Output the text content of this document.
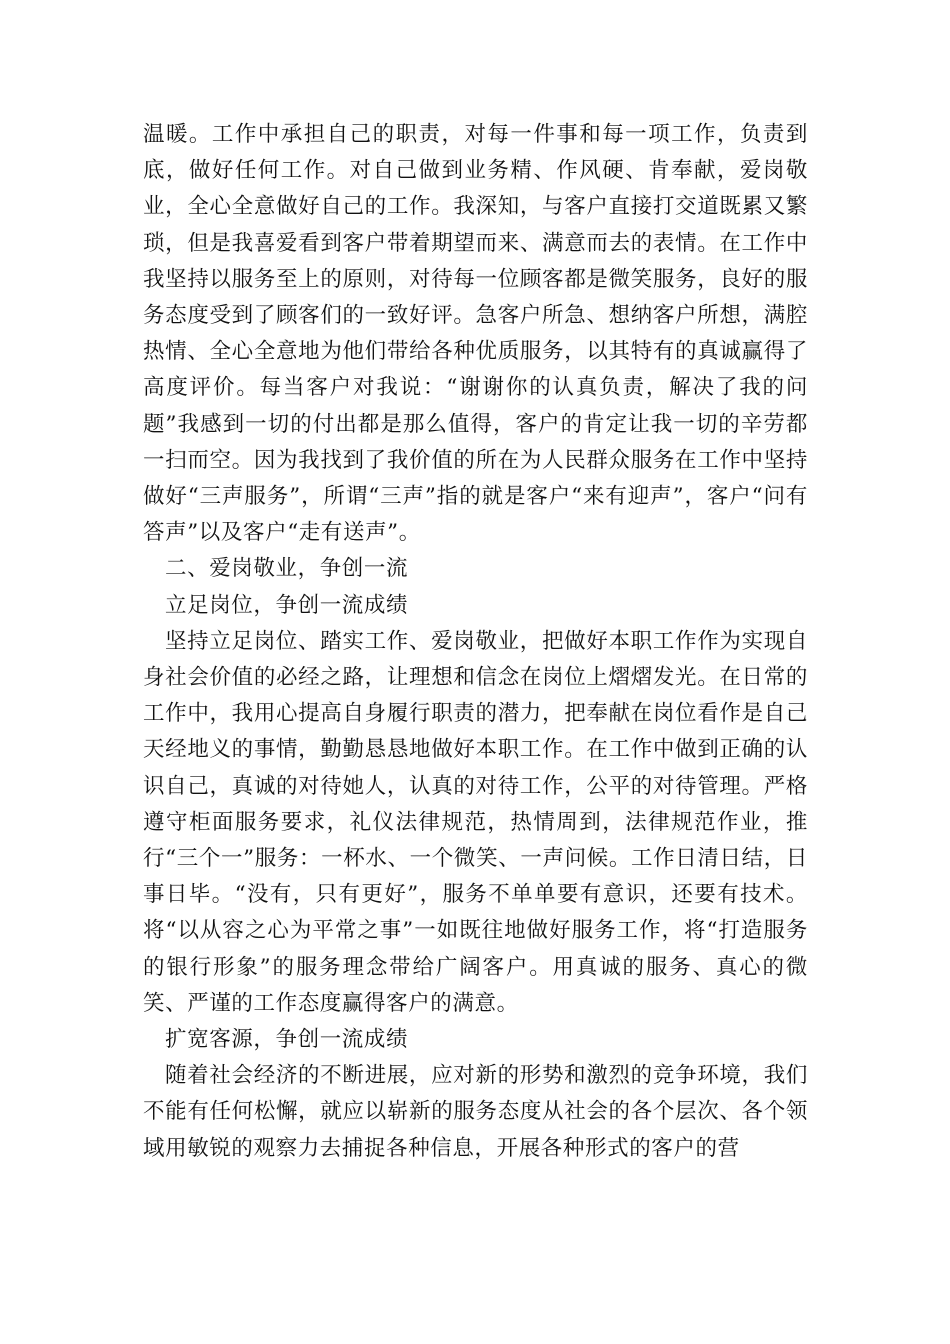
温暖。工作中承担自己的职责，对每一件事和每一项工作，负责到底，做好任何工作。对自己做到业务精、作风硬、肯奉献，爱岗敬业，全心全意做好自己的工作。我深知，与客户直接打交道既累又繁琐，但是我喜爱看到客户带着期望而来、满意而去的表情。在工作中我坚持以服务至上的原则，对待每一位顾客都是微笑服务，良好的服务态度受到了顾客们的一致好评。急客户所急、想纳客户所想，满腔热情、全心全意地为他们带给各种优质服务，以其特有的真诚赢得了高度评价。每当客户对我说：“谢谢你的认真负责，解决了我的问题”我感到一切的付出都是那么值得，客户的肯定让我一切的辛劳都一扫而空。因为我找到了我价值的所在为人民群众服务在工作中坚持做好“三声服务”，所谓“三声”指的就是客户“来有迎声”，客户“问有答声”以及客户“走有送声”。

二、爱岗敬业，争创一流

立足岗位，争创一流成绩

坚持立足岗位、踏实工作、爱岗敬业，把做好本职工作作为实现自身社会价值的必经之路，让理想和信念在岗位上熠熠发光。在日常的工作中，我用心提高自身履行职责的潜力，把奉献在岗位看作是自己天经地义的事情，勤勤恳恳地做好本职工作。在工作中做到正确的认识自己，真诚的对待她人，认真的对待工作，公平的对待管理。严格遵守柜面服务要求，礼仪法律规范，热情周到，法律规范作业，推行“三个一”服务：一杯水、一个微笑、一声问候。工作日清日结，日事日毕。“没有，只有更好”，服务不单单要有意识，还要有技术。将“以从容之心为平常之事”一如既往地做好服务工作，将“打造服务的银行形象”的服务理念带给广阔客户。用真诚的服务、真心的微笑、严谨的工作态度赢得客户的满意。

扩宽客源，争创一流成绩

随着社会经济的不断进展，应对新的形势和激烈的竞争环境，我们不能有任何松懈，就应以崭新的服务态度从社会的各个层次、各个领域用敏锐的观察力去捕捉各种信息，开展各种形式的客户的营
